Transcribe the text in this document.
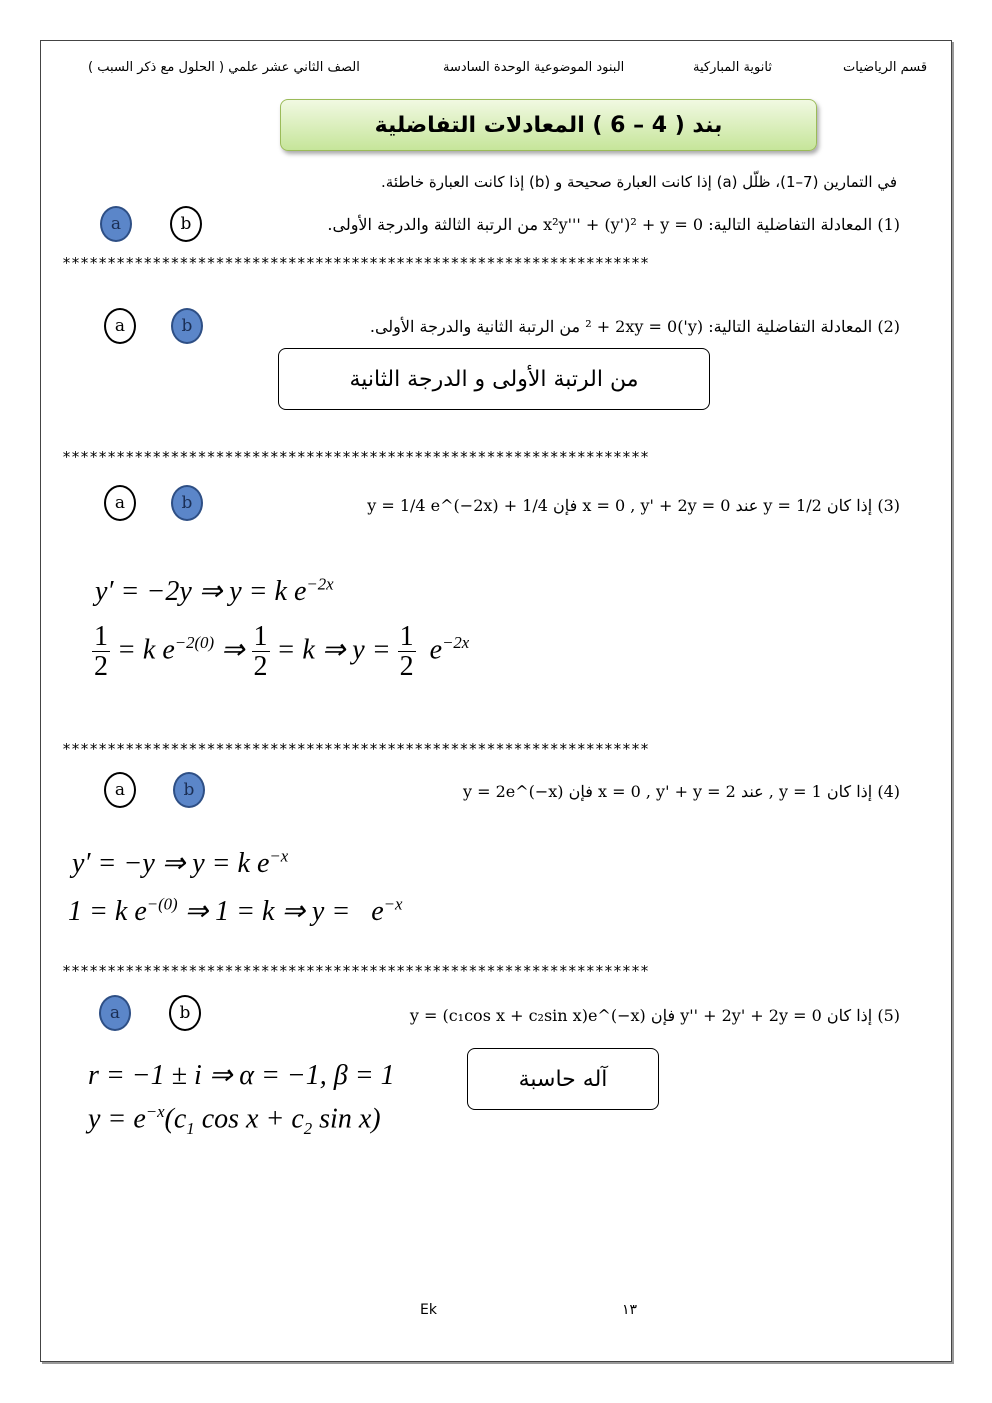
قسم الرياضيات
ثانوية المباركية
البنود الموضوعية الوحدة السادسة
الصف الثاني عشر علمي ( الحلول مع ذكر السبب )
بند ( 4 – 6 ) المعادلات التفاضلية
في التمارين (7–1)، ظلّل (a) إذا كانت العبارة صحيحة و (b) إذا كانت العبارة خاطئة.
a	b	(1) المعادلة التفاضلية التالية: x²y''' + (y')² + y = 0 من الرتبة الثالثة والدرجة الأولى.
*****************************************************************
a	b	(2) المعادلة التفاضلية التالية: (y')² + 2xy = 0 من الرتبة الثانية والدرجة الأولى.
من الرتبة الأولى و الدرجة الثانية
*****************************************************************
a	b	(3) إذا كان y = 1/2 عند x = 0 , y' + 2y = 0 فإن y = 1/4 e^(−2x) + 1/4
y′ = −2y ⇒ y = k $e^{-2x}$
$\frac{1}{2} = k$ $e^{-2(0)}$ ⇒ $\frac{1}{2} = k$ ⇒ $y = \frac{1}{2} e^{-2x}$
*****************************************************************
a	b	(4) إذا كان y = 1 , عند x = 0 , y' + y = 2 فإن y = 2e^(−x)
y′ = −y ⇒ y = k $e^{-x}$
1 = k $e^{-(0)}$ ⇒ 1 = k ⇒ $y = e^{-x}$
*****************************************************************
a	b	(5) إذا كان y'' + 2y' + 2y = 0 فإن y = (c₁cos x + c₂sin x)e^(−x)
r = −1 ± i ⇒ α = −1, β = 1
$y = e^{-x}(c_1$ $\cos x + c_2$ sin x)
آله حاسبة
Ek	١٣
